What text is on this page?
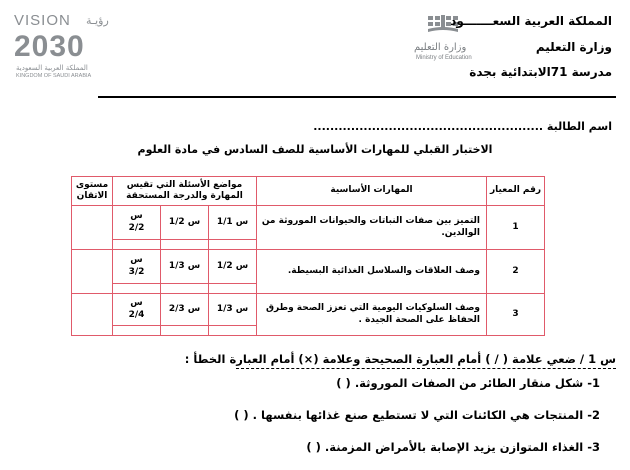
رؤيـة
VISION
2030
المملكة العربية السعودية
KINGDOM OF SAUDI ARABIA
وزارة التعليم
Ministry of Education
المملكة العربية السعـــــــود
وزارة التعليم
مدرسة 71الابتدائية بجدة
اسم الطالبة .......................................................
الاختبار القبلي للمهارات الأساسية للصف السادس في مادة العلوم
رقم المعيار
المهارات الأساسية
مواضع الأسئلة التي تقيس المهارة والدرجة المستحقة
مستوى الاتقان
1
التميز بين صفات النباتات والحيوانات الموروثة من الوالدين.
س 1/1
س 1/2
س 2/2
2
وصف العلاقات والسلاسل الغذائية البسيطة.
س 1/2
س 1/3
س 3/2
3
وصف السلوكيات اليومية التي تعزز الصحة وطرق الحفاظ على الصحة الجيدة .
س 1/3
س 2/3
س 2/4
س 1 / ضعي علامة ( / ) أمام العبارة الصحيحة وعلامة (×) أمام العبارة الخطأ :
1- شكل منقار الطائر من الصفات الموروثة. ( )
2- المنتجات هي الكائنات التي لا تستطيع صنع غذائها بنفسها . ( )
3- الغذاء المتوازن يزيد الإصابة بالأمراض المزمنة. ( )
